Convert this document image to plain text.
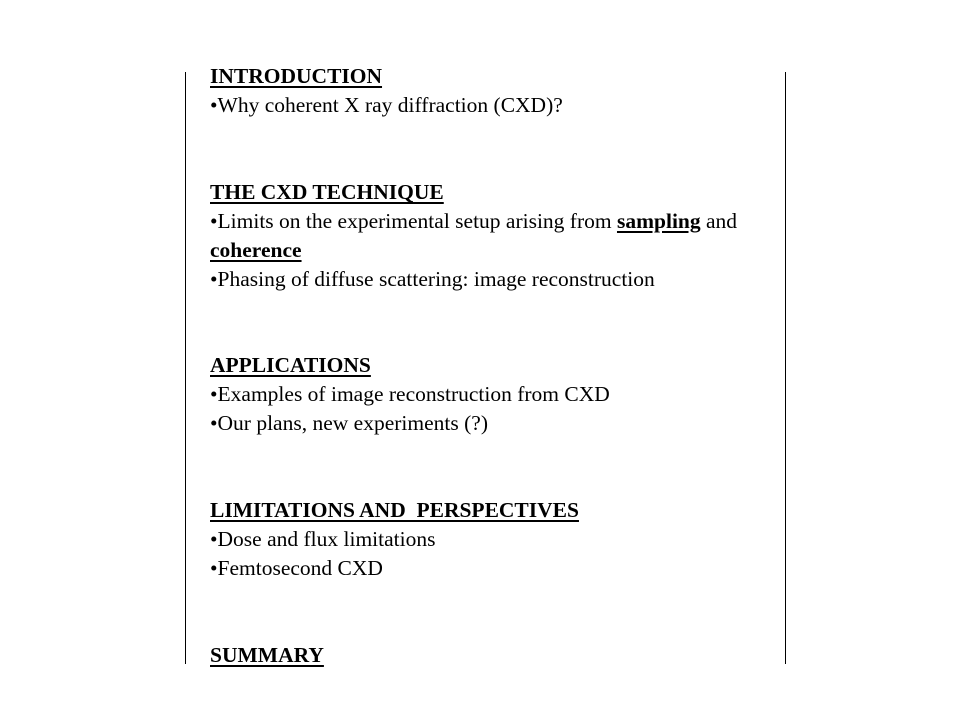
INTRODUCTION
•Why coherent X ray diffraction (CXD)?
THE CXD TECHNIQUE
•Limits on the experimental setup arising from sampling and coherence
•Phasing of diffuse scattering: image reconstruction
APPLICATIONS
•Examples of image reconstruction from CXD
•Our plans, new experiments (?)
LIMITATIONS AND  PERSPECTIVES
•Dose and flux limitations
•Femtosecond CXD
SUMMARY
